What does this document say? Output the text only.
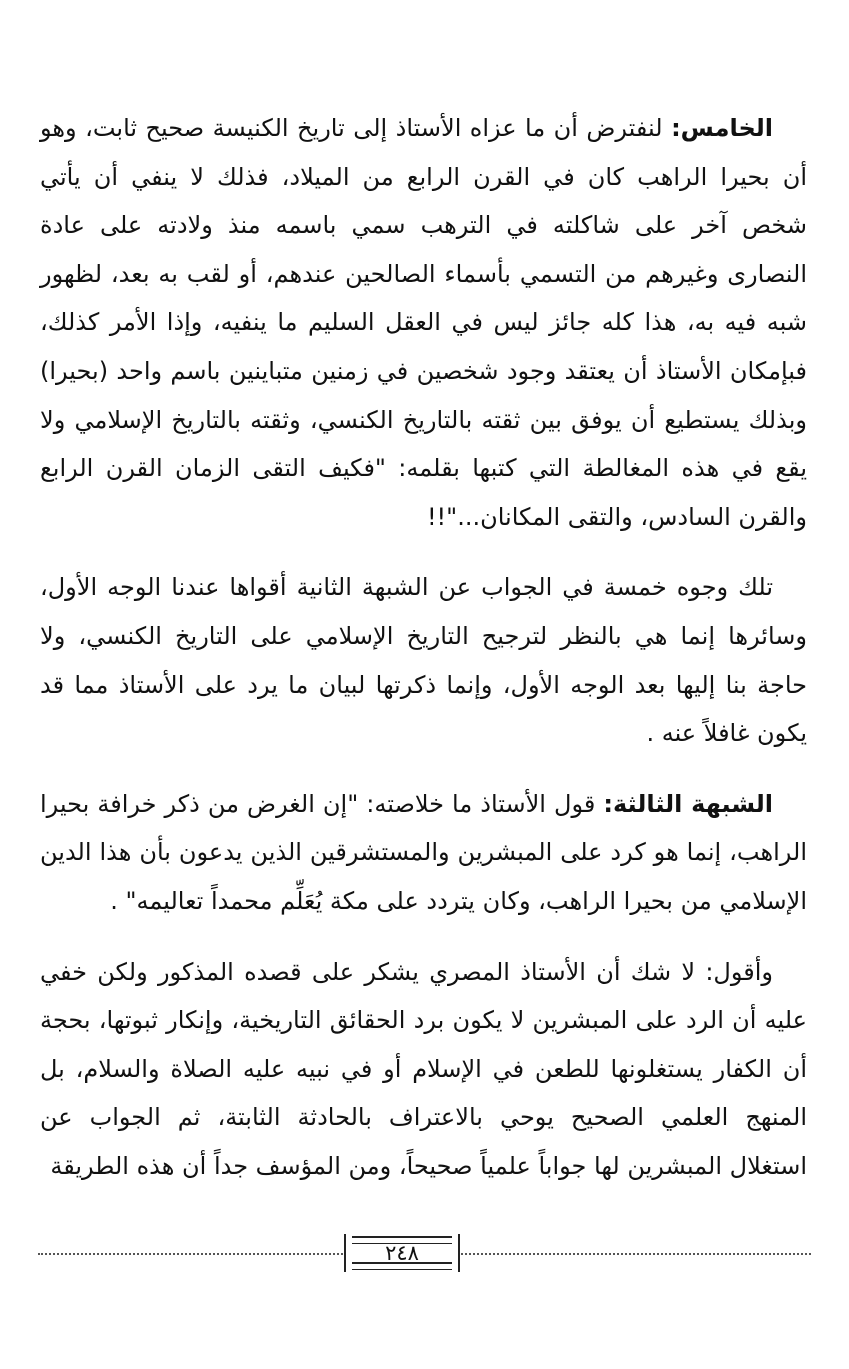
الخامس: لنفترض أن ما عزاه الأستاذ إلى تاريخ الكنيسة صحيح ثابت، وهو أن بحيرا الراهب كان في القرن الرابع من الميلاد، فذلك لا ينفي أن يأتي شخص آخر على شاكلته في الترهب سمي باسمه منذ ولادته على عادة النصارى وغيرهم من التسمي بأسماء الصالحين عندهم، أو لقب به بعد، لظهور شبه فيه به، هذا كله جائز ليس في العقل السليم ما ينفيه، وإذا الأمر كذلك، فبإمكان الأستاذ أن يعتقد وجود شخصين في زمنين متباينين باسم واحد (بحيرا) وبذلك يستطيع أن يوفق بين ثقته بالتاريخ الكنسي، وثقته بالتاريخ الإسلامي ولا يقع في هذه المغالطة التي كتبها بقلمه: "فكيف التقى الزمان القرن الرابع والقرن السادس، والتقى المكانان..."!!

تلك وجوه خمسة في الجواب عن الشبهة الثانية أقواها عندنا الوجه الأول، وسائرها إنما هي بالنظر لترجيح التاريخ الإسلامي على التاريخ الكنسي، ولا حاجة بنا إليها بعد الوجه الأول، وإنما ذكرتها لبيان ما يرد على الأستاذ مما قد يكون غافلاً عنه .

الشبهة الثالثة: قول الأستاذ ما خلاصته: "إن الغرض من ذكر خرافة بحيرا الراهب، إنما هو كرد على المبشرين والمستشرقين الذين يدعون بأن هذا الدين الإسلامي من بحيرا الراهب، وكان يتردد على مكة يُعَلِّم محمداً تعاليمه" .

وأقول: لا شك أن الأستاذ المصري يشكر على قصده المذكور ولكن خفي عليه أن الرد على المبشرين لا يكون برد الحقائق التاريخية، وإنكار ثبوتها، بحجة أن الكفار يستغلونها للطعن في الإسلام أو في نبيه عليه الصلاة والسلام، بل المنهج العلمي الصحيح يوحي بالاعتراف بالحادثة الثابتة، ثم الجواب عن استغلال المبشرين لها جواباً علمياً صحيحاً، ومن المؤسف جداً أن هذه الطريقة

٢٤٨
